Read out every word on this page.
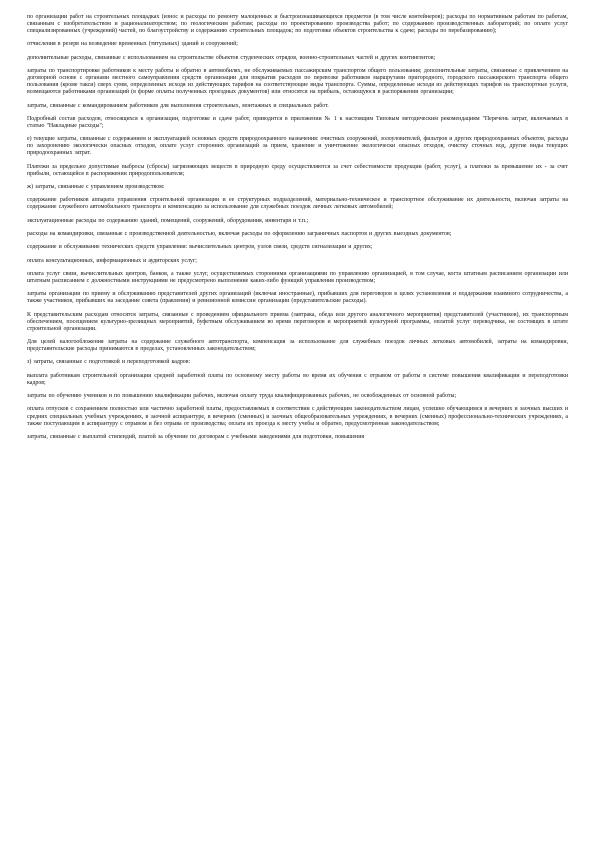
по организации работ на строительных площадках (износ и расходы по ремонту малоценных и быстроизнашивающихся предметов (в том числе контейнеров); расходы по нормативным работам по работам, связанным с изобретательством и рационализаторством; по геологическим работам; расходы по проектированию производства работ; по содержанию производственных лабораторий; по оплате услуг специализированных (учреждений) частей, по благоустройству и содержанию строительных площадок; по подготовке объектов строительства к сдаче; расходы по перебазированию);

отчисления в резерв на возведение временных (титульных) зданий и сооружений;

дополнительные расходы, связанные с использованием на строительстве объектов студенческих отрядов, военно-строительных частей и других контингентов;

затраты по транспортировке работников к месту работы и обратно в автомобилях, не обслуживаемых пассажирским транспортом общего пользования; дополнительные затраты, связанные с привлечением на договорной основе с органами местного самоуправления средств организации для покрытия расходов по перевозке работников маршрутами пригородного, городского пассажирского транспорта общего пользования (кроме такси) сверх сумм, определенных исходя из действующих тарифов на соответствующие виды транспорта. Суммы, определенные исходя из действующих тарифов на транспортные услуги, возмещаются работниками организаций (в форме оплаты полученных проездных документов) или относятся на прибыль, остающуюся в распоряжении организации;

затраты, связанные с командированием работников для выполнения строительных, монтажных и специальных работ.

Подробный состав расходов, относящихся к организации, подготовке и сдаче работ, приводится в приложении № 1 к настоящим Типовым методическим рекомендациям "Перечень затрат, включаемых в статью "Накладные расходы";

е) текущие затраты, связанные с содержанием и эксплуатацией основных средств природоохранного назначения: очистных сооружений, золоуловителей, фильтров и других природоохранных объектов, расходы по захоронению экологически опасных отходов, оплате услуг сторонних организаций за прием, хранение и уничтожение экологически опасных отходов, очистку сточных вод, другие виды текущих природоохранных затрат.

Платежи за предельно допустимые выбросы (сбросы) загрязняющих веществ в природную среду осуществляются за счет себестоимости продукции (работ, услуг), а платежи за превышение их - за счет прибыли, остающейся в распоряжении природопользователя;

ж) затраты, связанные с управлением производством:

содержание работников аппарата управления строительной организации и ее структурных подразделений, материально-техническое и транспортное обслуживание их деятельности, включая затраты на содержание служебного автомобильного транспорта и компенсацию за использование для служебных поездок личных легковых автомобилей;

эксплуатационные расходы по содержанию зданий, помещений, сооружений, оборудования, инвентаря и т.п.;

расходы на командировки, связанные с производственной деятельностью, включая расходы по оформлению заграничных паспортов и других выездных документов;

содержание и обслуживание технических средств управления: вычислительных центров, узлов связи, средств сигнализации и других;

оплата консультационных, информационных и аудиторских услуг;

оплата услуг связи, вычислительных центров, банков, а также услуг, осуществляемых сторонними организациями по управлению организацией, в том случае, когта штатным расписанием организации или штатным расписанием с должностными инструкциями не предусмотрено выполнение каких-либо функций управления производством;

затраты организации по приему и обслуживанию представителей других организаций (включая иностранные), прибывших для переговоров в целях установления и поддержания взаимного сотрудничества, а также участников, прибывших на заседание совета (правления) и ревизионной комиссии организации (представительские расходы).

К представительским расходам относятся затраты, связанные с проведением официального приема (завтрака, обеда или другого аналогичного мероприятия) представителей (участников), их транспортным обеспечением, посещением культурно-зрелищных мероприятий, буфетным обслуживанием во время переговоров и мероприятий культурной программы, оплатой услуг переводчика, не состоящих в штате строительной организации.

Для целей налогообложения затраты на содержание служебного автотранспорта, компенсация за использование для служебных поездок личных легковых автомобилей, затраты на командировки, представительские расходы принимаются в пределах, установленных законодательством;

з) затраты, связанные с подготовкой и переподготовкой кадров:

выплата работникам строительной организации средней заработной платы по основному месту работы во время их обучения с отрывом от работы в системе повышения квалификации и переподготовки кадров;

затраты по обучению учеников и по повышению квалификации рабочих, включая оплату труда квалифицированных рабочих, не освобожденных от основной работы;

оплата отпусков с сохранением полностью или частично заработной платы, предоставляемых в соответствии с действующим законодательством лицам, успешно обучающимся в вечерних и заочных высших и средних специальных учебных учреждениях, в заочной аспирантуре, в вечерних (сменных) и заочных общеобразовательных учреждениях, в вечерних (сменных) профессионально-технических учреждениях, а также поступающим в аспирантуру с отрывом и без отрыва от производства; оплата их проезда к месту учебы и обратно, предусмотренная законодательством;

затраты, связанные с выплатой стипендий, платой за обучение по договорам с учебными заведениями для подготовки, повышения
